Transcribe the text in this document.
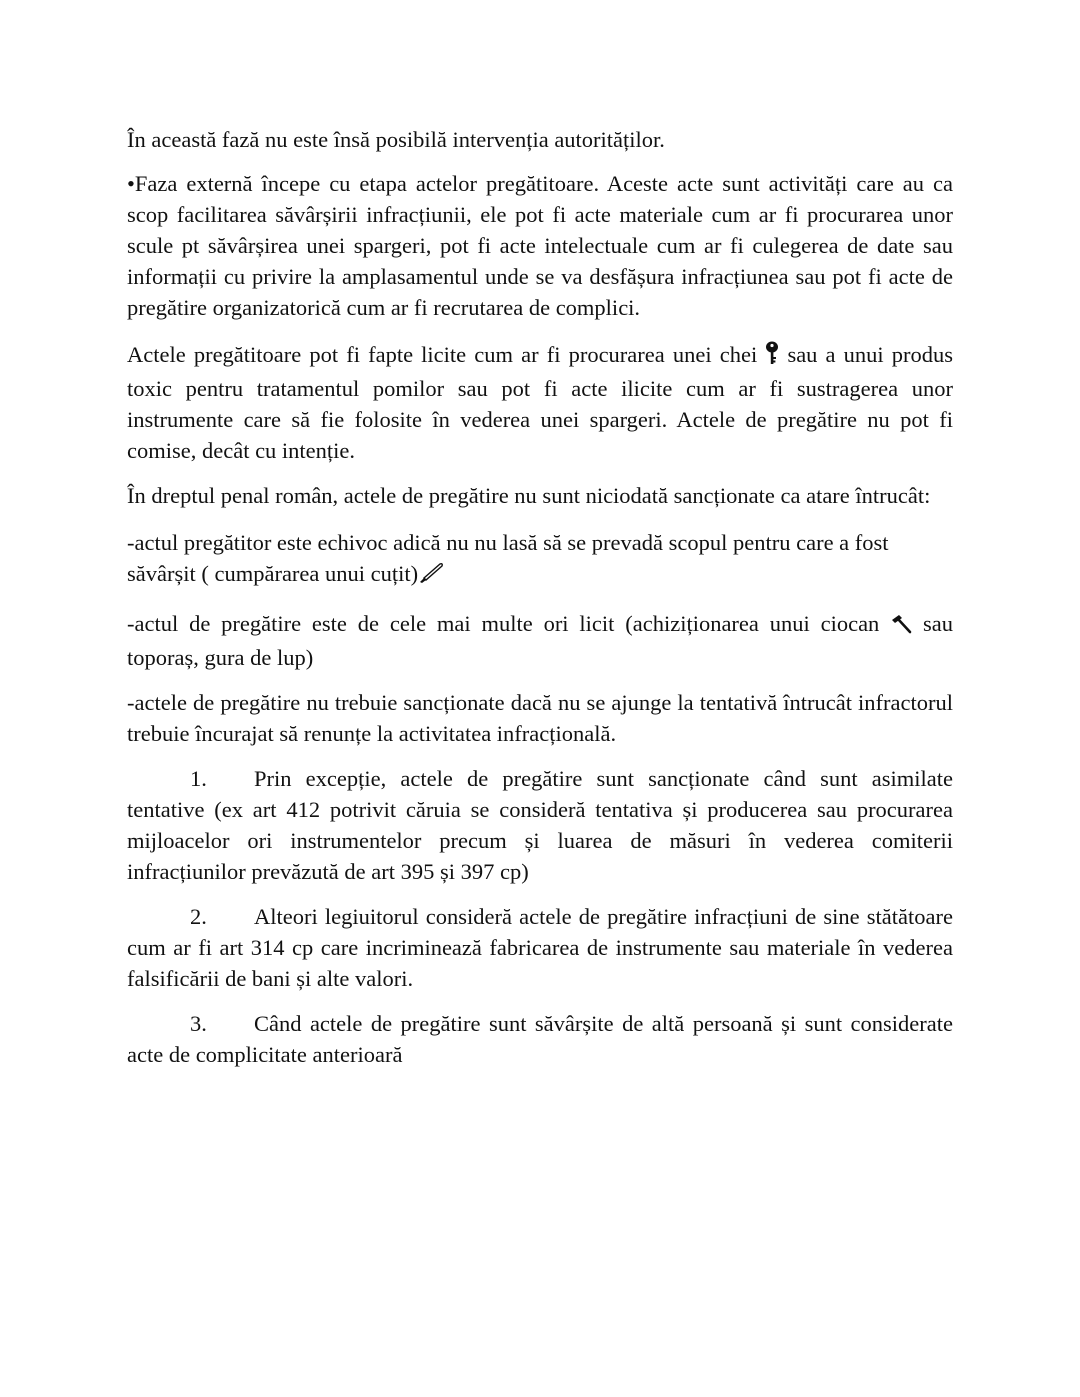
În această fază nu este însă posibilă intervenția autorităților.

•Faza externă începe cu etapa actelor pregătitoare. Aceste acte sunt activități care au ca scop facilitarea săvârșirii infracțiunii, ele pot fi acte materiale cum ar fi procurarea unor scule pt săvârșirea unei spargeri, pot fi acte intelectuale cum ar fi culegerea de date sau informații cu privire la amplasamentul unde se va desfășura infracțiunea sau pot fi acte de pregătire organizatorică cum ar fi recrutarea de complici.

Actele pregătitoare pot fi fapte licite cum ar fi procurarea unei chei  sau a unui produs toxic pentru tratamentul pomilor sau pot fi acte ilicite cum ar fi sustragerea unor instrumente care să fie folosite în vederea unei spargeri. Actele de pregătire nu pot fi comise, decât cu intenție.

În dreptul penal român, actele de pregătire nu sunt niciodată sancționate ca atare întrucât:

-actul pregătitor este echivoc adică nu nu lasă să se prevadă scopul pentru care a fost săvârșit ( cumpărarea unui cuțit)

-actul de pregătire este de cele mai multe ori licit (achiziționarea unui ciocan  sau toporaș, gura de lup)

-actele de pregătire nu trebuie sancționate dacă nu se ajunge la tentativă întrucât infractorul trebuie încurajat să renunțe la activitatea infracțională.

1. Prin excepție, actele de pregătire sunt sancționate când sunt asimilate tentative (ex art 412 potrivit căruia se consideră tentativa și producerea sau procurarea mijloacelor ori instrumentelor precum și luarea de măsuri în vederea comiterii infracțiunilor prevăzută de art 395 și 397 cp)

2. Alteori legiuitorul consideră actele de pregătire infracțiuni de sine stătătoare cum ar fi art 314 cp care incriminează fabricarea de instrumente sau materiale în vederea falsificării de bani și alte valori.

3. Când actele de pregătire sunt săvârșite de altă persoană și sunt considerate acte de complicitate anterioară
